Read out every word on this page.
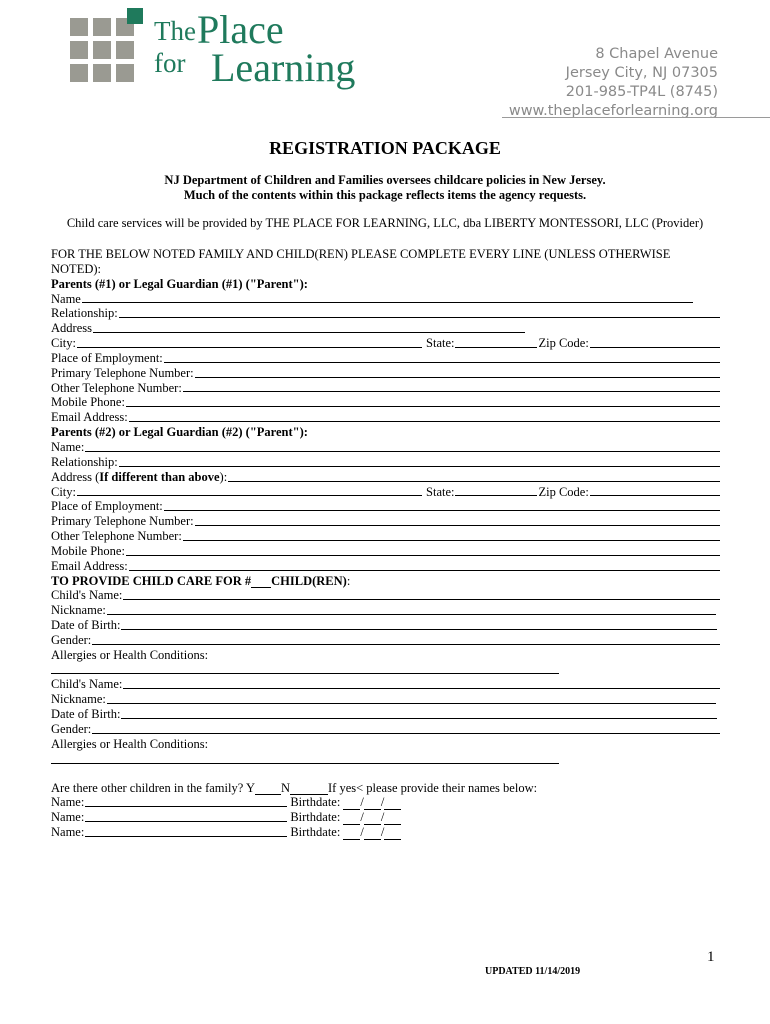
The Place
for Learning	8 Chapel Avenue
Jersey City, NJ 07305
201-985-TP4L (8745)
www.theplaceforlearning.org
REGISTRATION PACKAGE
NJ Department of Children and Families oversees childcare policies in New Jersey.
Much of the contents within this package reflects items the agency requests.
Child care services will be provided by THE PLACE FOR LEARNING, LLC, dba LIBERTY MONTESSORI, LLC (Provider)
FOR THE BELOW NOTED FAMILY AND CHILD(REN) PLEASE COMPLETE EVERY LINE (UNLESS OTHERWISE NOTED):
Parents (#1) or Legal Guardian (#1) ("Parent"):
Name
Relationship:
Address
City:	State:	Zip Code:
Place of Employment:
Primary Telephone Number:
Other Telephone Number:
Mobile Phone:
Email Address:
Parents (#2) or Legal Guardian (#2) ("Parent"):
Name:
Relationship:
Address (If different than above):
City:	State:	Zip Code:
Place of Employment:
Primary Telephone Number:
Other Telephone Number:
Mobile Phone:
Email Address:
TO PROVIDE CHILD CARE FOR # CHILD(REN) :
Child's Name:
Nickname:
Date of Birth:
Gender:
Allergies or Health Conditions:
Child's Name:
Nickname:
Date of Birth:
Gender:
Allergies or Health Conditions:
Are there other children in the family? Y N	If yes< please provide their names below:
Name:	Birthdate: / /
Name:	Birthdate: / /
Name:	Birthdate: / /
1
UPDATED 11/14/2019
